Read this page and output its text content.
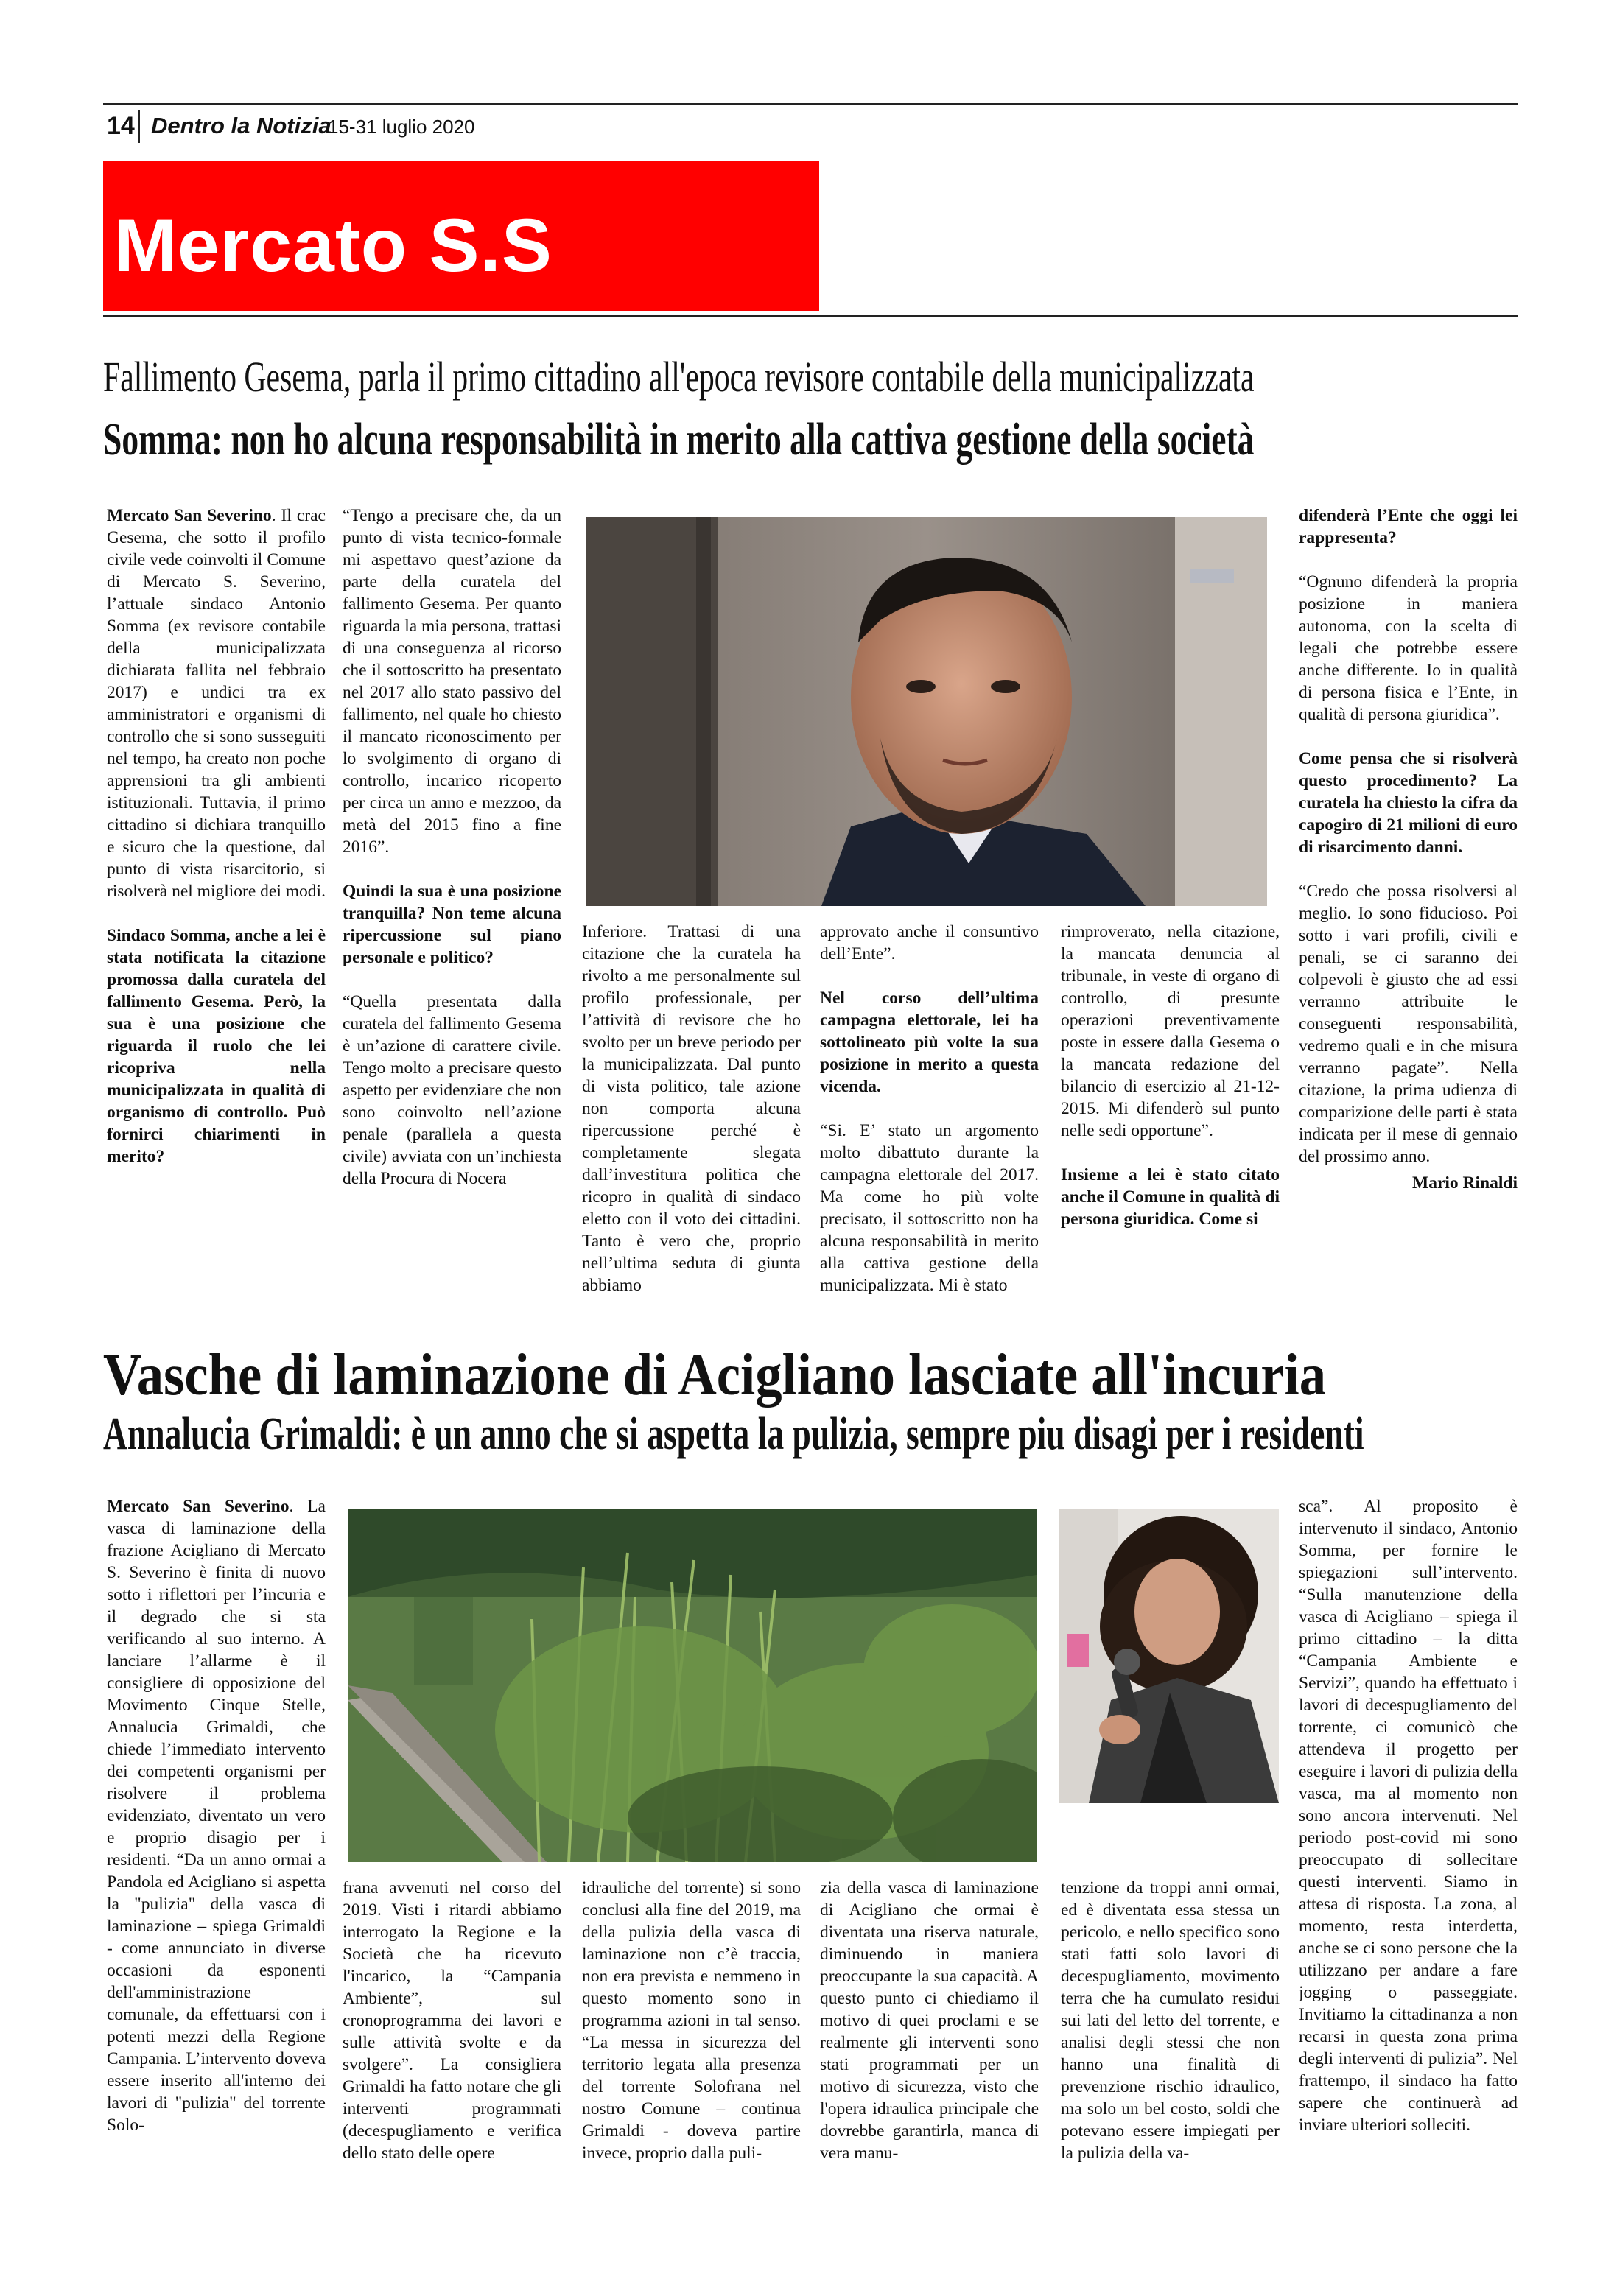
14 Dentro la Notizia
15-31 luglio 2020
Mercato S.S
Fallimento Gesema, parla il primo cittadino all'epoca revisore contabile della municipalizzata
Somma: non ho alcuna responsabilità in merito alla cattiva gestione della società

Mercato San Severino. Il crac Gesema, che sotto il profilo civile vede coinvolti il Comune di Mercato S. Severino, l’attuale sindaco Antonio Somma (ex revisore contabile della municipalizzata dichiarata fallita nel febbraio 2017) e undici tra ex amministratori e organismi di controllo che si sono susseguiti nel tempo, ha creato non poche apprensioni tra gli ambienti istituzionali. Tuttavia, il primo cittadino si dichiara tranquillo e sicuro che la questione, dal punto di vista risarcitorio, si risolverà nel migliore dei modi.

Sindaco Somma, anche a lei è stata notificata la citazione promossa dalla curatela del fallimento Gesema. Però, la sua è una posizione che riguarda il ruolo che lei ricopriva nella municipalizzata in qualità di organismo di controllo. Può fornirci chiarimenti in merito?

“Tengo a precisare che, da un punto di vista tecnico-formale mi aspettavo quest’azione da parte della curatela del fallimento Gesema. Per quanto riguarda la mia persona, trattasi di una conseguenza al ricorso che il sottoscritto ha presentato nel 2017 allo stato passivo del fallimento, nel quale ho chiesto il mancato riconoscimento per lo svolgimento di organo di controllo, incarico ricoperto per circa un anno e mezzoo, da metà del 2015 fino a fine 2016”.

Quindi la sua è una posizione tranquilla? Non teme alcuna ripercussione sul piano personale e politico?

“Quella presentata dalla curatela del fallimento Gesema è un’azione di carattere civile. Tengo molto a precisare questo aspetto per evidenziare che non sono coinvolto nell’azione penale (parallela a questa civile) avviata con un’inchiesta della Procura di Nocera

Inferiore. Trattasi di una citazione che la curatela ha rivolto a me personalmente sul profilo professionale, per l’attività di revisore che ho svolto per un breve periodo per la municipalizzata. Dal punto di vista politico, tale azione non comporta alcuna ripercussione perché è completamente slegata dall’investitura politica che ricopro in qualità di sindaco eletto con il voto dei cittadini. Tanto è vero che, proprio nell’ultima seduta di giunta abbiamo

approvato anche il consuntivo dell’Ente”.

Nel corso dell’ultima campagna elettorale, lei ha sottolineato più volte la sua posizione in merito a questa vicenda.

“Si. E’ stato un argomento molto dibattuto durante la campagna elettorale del 2017. Ma come ho più volte precisato, il sottoscritto non ha alcuna responsabilità in merito alla cattiva gestione della municipalizzata. Mi è stato

rimproverato, nella citazione, la mancata denuncia al tribunale, in veste di organo di controllo, di presunte operazioni preventivamente poste in essere dalla Gesema o la mancata redazione del bilancio di esercizio al 21-12-2015. Mi difenderò sul punto nelle sedi opportune”.

Insieme a lei è stato citato anche il Comune in qualità di persona giuridica. Come si

difenderà l’Ente che oggi lei rappresenta?

“Ognuno difenderà la propria posizione in maniera autonoma, con la scelta di legali che potrebbe essere anche differente. Io in qualità di persona fisica e l’Ente, in qualità di persona giuridica”.

Come pensa che si risolverà questo procedimento? La curatela ha chiesto la cifra da capogiro di 21 milioni di euro di risarcimento danni.

“Credo che possa risolversi al meglio. Io sono fiducioso. Poi sotto i vari profili, civili e penali, se ci saranno dei colpevoli è giusto che ad essi verranno attribuite le conseguenti responsabilità, vedremo quali e in che misura verranno pagate”. Nella citazione, la prima udienza di comparizione delle parti è stata indicata per il mese di gennaio del prossimo anno.

Mario Rinaldi

Vasche di laminazione di Acigliano lasciate all'incuria
Annalucia Grimaldi: è un anno che si aspetta la pulizia, sempre piu disagi per i residenti

Mercato San Severino. La vasca di laminazione della frazione Acigliano di Mercato S. Severino è finita di nuovo sotto i riflettori per l’incuria e il degrado che si sta verificando al suo interno. A lanciare l’allarme è il consigliere di opposizione del Movimento Cinque Stelle, Annalucia Grimaldi, che chiede l’immediato intervento dei competenti organismi per risolvere il problema evidenziato, diventato un vero e proprio disagio per i residenti. “Da un anno ormai a Pandola ed Acigliano si aspetta la "pulizia" della vasca di laminazione – spiega Grimaldi - come annunciato in diverse occasioni da esponenti dell'amministrazione comunale, da effettuarsi con i potenti mezzi della Regione Campania. L’intervento doveva essere inserito all'interno dei lavori di "pulizia" del torrente Solo-

frana avvenuti nel corso del 2019. Visti i ritardi abbiamo interrogato la Regione e la Società che ha ricevuto l'incarico, la “Campania Ambiente”, sul cronoprogramma dei lavori e sulle attività svolte e da svolgere”. La consigliera Grimaldi ha fatto notare che gli interventi programmati (decespugliamento e verifica dello stato delle opere

idrauliche del torrente) si sono conclusi alla fine del 2019, ma della pulizia della vasca di laminazione non c’è traccia, non era prevista e nemmeno in questo momento sono in programma azioni in tal senso. “La messa in sicurezza del territorio legata alla presenza del torrente Solofrana nel nostro Comune – continua Grimaldi - doveva partire invece, proprio dalla puli-

zia della vasca di laminazione di Acigliano che ormai è diventata una riserva naturale, diminuendo in maniera preoccupante la sua capacità. A questo punto ci chiediamo il motivo di quei proclami e se realmente gli interventi sono stati programmati per un motivo di sicurezza, visto che l'opera idraulica principale che dovrebbe garantirla, manca di vera manu-

tenzione da troppi anni ormai, ed è diventata essa stessa un pericolo, e nello specifico sono stati fatti solo lavori di decespugliamento, movimento terra che ha cumulato residui sui lati del letto del torrente, e analisi degli stessi che non hanno una finalità di prevenzione rischio idraulico, ma solo un bel costo, soldi che potevano essere impiegati per la pulizia della va-

sca”. Al proposito è intervenuto il sindaco, Antonio Somma, per fornire le spiegazioni sull’intervento. “Sulla manutenzione della vasca di Acigliano – spiega il primo cittadino – la ditta “Campania Ambiente e Servizi”, quando ha effettuato i lavori di decespugliamento del torrente, ci comunicò che attendeva il progetto per eseguire i lavori di pulizia della vasca, ma al momento non sono ancora intervenuti. Nel periodo post-covid mi sono preoccupato di sollecitare questi interventi. Siamo in attesa di risposta. La zona, al momento, resta interdetta, anche se ci sono persone che la utilizzano per andare a fare jogging o passeggiate. Invitiamo la cittadinanza a non recarsi in questa zona prima degli interventi di pulizia”. Nel frattempo, il sindaco ha fatto sapere che continuerà ad inviare ulteriori solleciti.
